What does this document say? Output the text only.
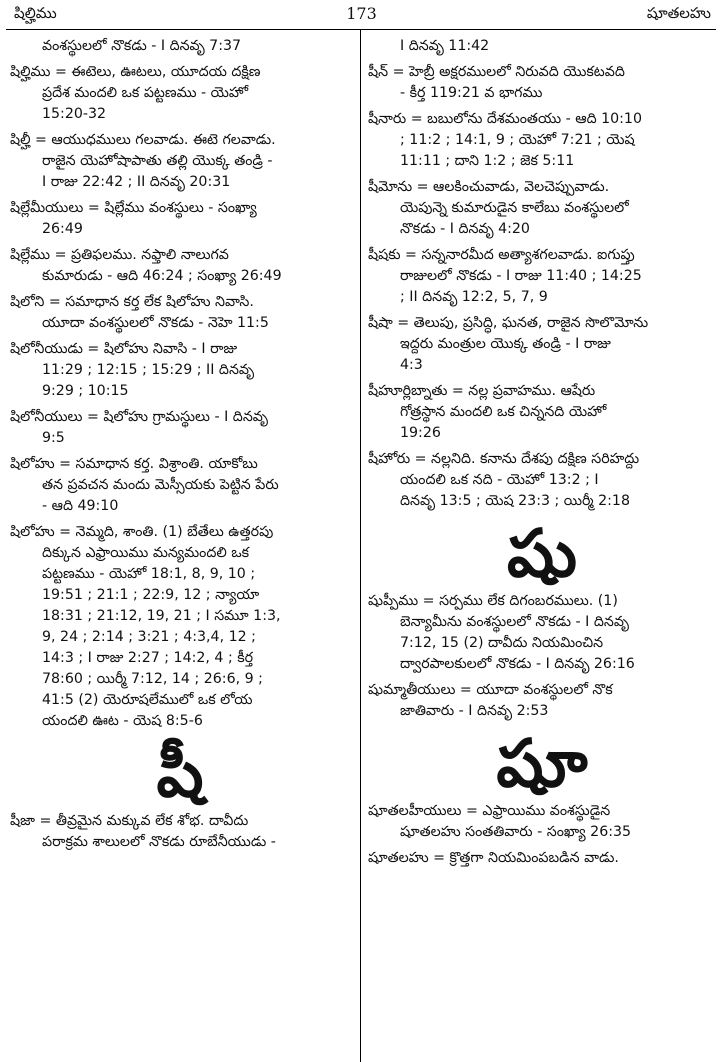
షిల్హిము	173	షూతలహు
వంశస్థులలో నొకడు - I దినవృ 7:37
షిల్హిము = ఈటెలు, ఊటలు, యూదయ దక్షిణ
ప్రదేశ మందలి ఒక పట్టణము - యెహో
15:20-32
షిల్హీ = ఆయుధములు గలవాడు. ఈటె గలవాడు.
రాజైన యెహోషాపాతు తల్లి యొక్క తండ్రి -
I రాజు 22:42 ; II దినవృ 20:31
షిల్లేమీయులు = షిల్లేము వంశస్థులు - సంఖ్యా
26:49
షిల్లేము = ప్రతిఫలము. నఫ్తాలి నాలుగవ
కుమారుడు - ఆది 46:24 ; సంఖ్యా 26:49
షిలోని = సమాధాన కర్త లేక షిలోహు నివాసి.
యూదా వంశస్థులలో నొకడు - నెహె 11:5
షిలోనీయుడు = షిలోహు నివాసి - I రాజు
11:29 ; 12:15 ; 15:29 ; II దినవృ
9:29 ; 10:15
షిలోనీయులు = షిలోహు గ్రామస్థులు - I దినవృ
9:5
షిలోహు = సమాధాన కర్త. విశ్రాంతి. యాకోబు
తన ప్రవచన మందు మెస్సీయకు పెట్టిన పేరు
- ఆది 49:10
షిలోహు = నెమ్మది, శాంతి. (1) బేతేలు ఉత్తరపు
దిక్కున ఎఫ్రాయిము మన్యమందలి ఒక
పట్టణము - యెహో 18:1, 8, 9, 10 ;
19:51 ; 21:1 ; 22:9, 12 ; న్యాయా
18:31 ; 21:12, 19, 21 ; I సమూ 1:3,
9, 24 ; 2:14 ; 3:21 ; 4:3,4, 12 ;
14:3 ; I రాజు 2:27 ; 14:2, 4 ; కీర్త
78:60 ; యిర్మీ 7:12, 14 ; 26:6, 9 ;
41:5 (2) యెరూషలేములో ఒక లోయ
యందలి ఊట - యెష 8:5-6
షీ
షీజా = తీవ్రమైన మక్కువ లేక శోభ. దావీదు
పరాక్రమ శాలులలో నొకడు రూబేనీయుడు -
I దినవృ 11:42
షీన్ = హెబ్రీ అక్షరములలో నిరువది యొకటవది
- కీర్త 119:21 వ భాగము
షీనారు = బబులోను దేశమంతయు - ఆది 10:10
; 11:2 ; 14:1, 9 ; యెహో 7:21 ; యెష
11:11 ; దాని 1:2 ; జెక 5:11
షీమోను = ఆలకించువాడు, వెలచెప్పువాడు.
యెపున్నె కుమారుడైన కాలేబు వంశస్థులలో
నొకడు - I దినవృ 4:20
షీషకు = సన్ననారమీద అత్యాశగలవాడు. ఐగుప్తు
రాజులలో నొకడు - I రాజు 11:40 ; 14:25
; II దినవృ 12:2, 5, 7, 9
షీషా = తెలుపు, ప్రసిద్ధి, ఘనత, రాజైన సొలొమోను
ఇద్దరు మంత్రుల యొక్క తండ్రి - I రాజు
4:3
షీహూర్లిబ్నాతు = నల్ల ప్రవాహము. ఆషేరు
గోత్రస్థాన మందలి ఒక చిన్ననది యెహో
19:26
షీహోరు = నల్లనిది. కనాను దేశపు దక్షిణ సరిహద్దు
యందలి ఒక నది - యెహో 13:2 ; I
దినవృ 13:5 ; యెష 23:3 ; యిర్మీ 2:18
షు
షుప్పీము = సర్పము లేక దిగంబరములు. (1)
బెన్యామీను వంశస్థులలో నొకడు - I దినవృ
7:12, 15 (2) దావీదు నియమించిన
ద్వారపాలకులలో నొకడు - I దినవృ 26:16
షుమ్మాతీయులు = యూదా వంశస్థులలో నొక
జాతివారు - I దినవృ 2:53
షూ
షూతలహీయులు = ఎఫ్రాయిము వంశస్థుడైన
షూతలహు సంతతివారు - సంఖ్యా 26:35
షూతలహు = క్రొత్తగా నియమింపబడిన వాడు.
